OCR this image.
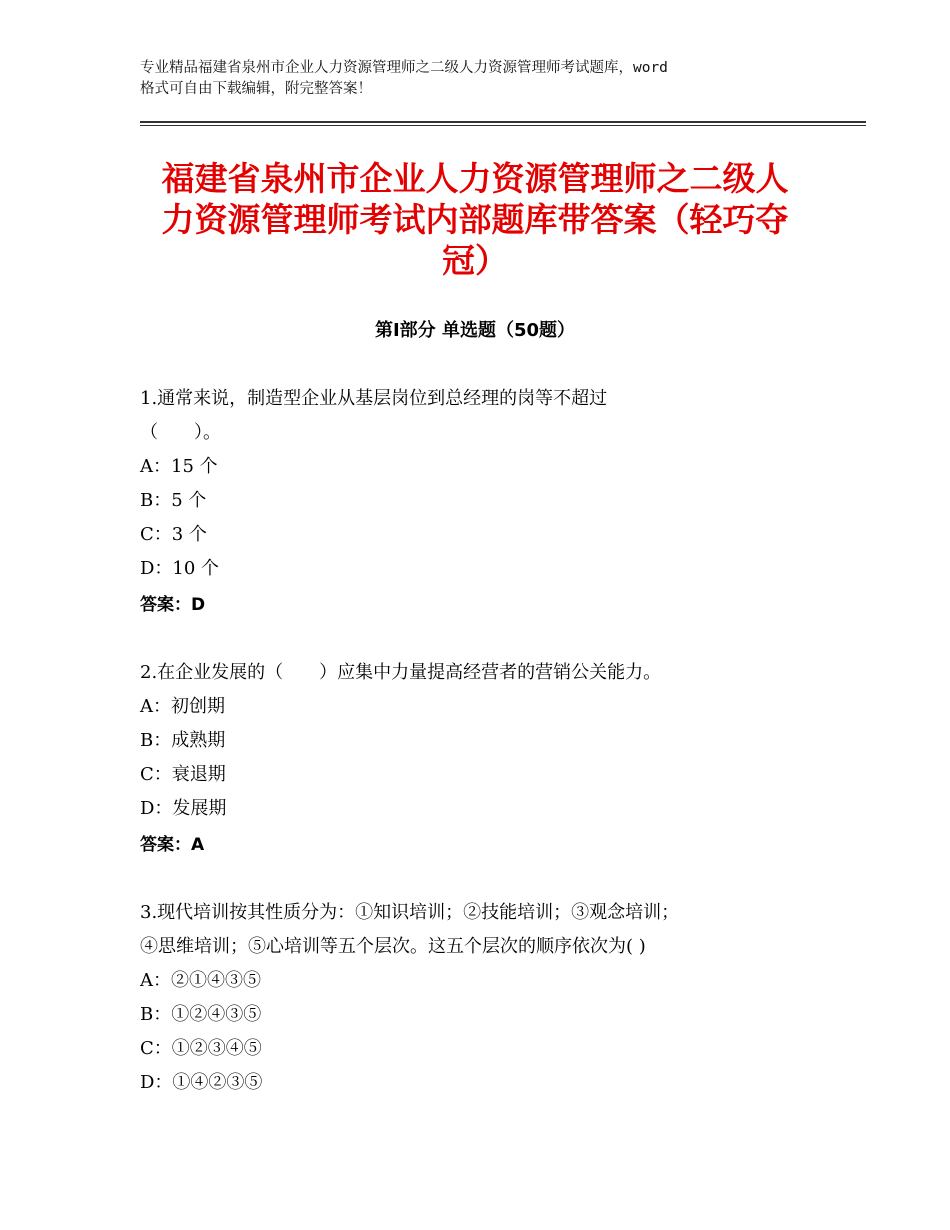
专业精品福建省泉州市企业人力资源管理师之二级人力资源管理师考试题库，word
格式可自由下载编辑，附完整答案！
福建省泉州市企业人力资源管理师之二级人
力资源管理师考试内部题库带答案（轻巧夺
冠）
第Ⅰ部分 单选题（50题）
1.通常来说，制造型企业从基层岗位到总经理的岗等不超过
（　　）。
A：15 个
B：5 个
C：3 个
D：10 个
答案：D
2.在企业发展的（　　）应集中力量提高经营者的营销公关能力。
A：初创期
B：成熟期
C：衰退期
D：发展期
答案：A
3.现代培训按其性质分为：①知识培训；②技能培训；③观念培训；
④思维培训；⑤心培训等五个层次。这五个层次的顺序依次为( )
A：②①④③⑤
B：①②④③⑤
C：①②③④⑤
D：①④②③⑤
